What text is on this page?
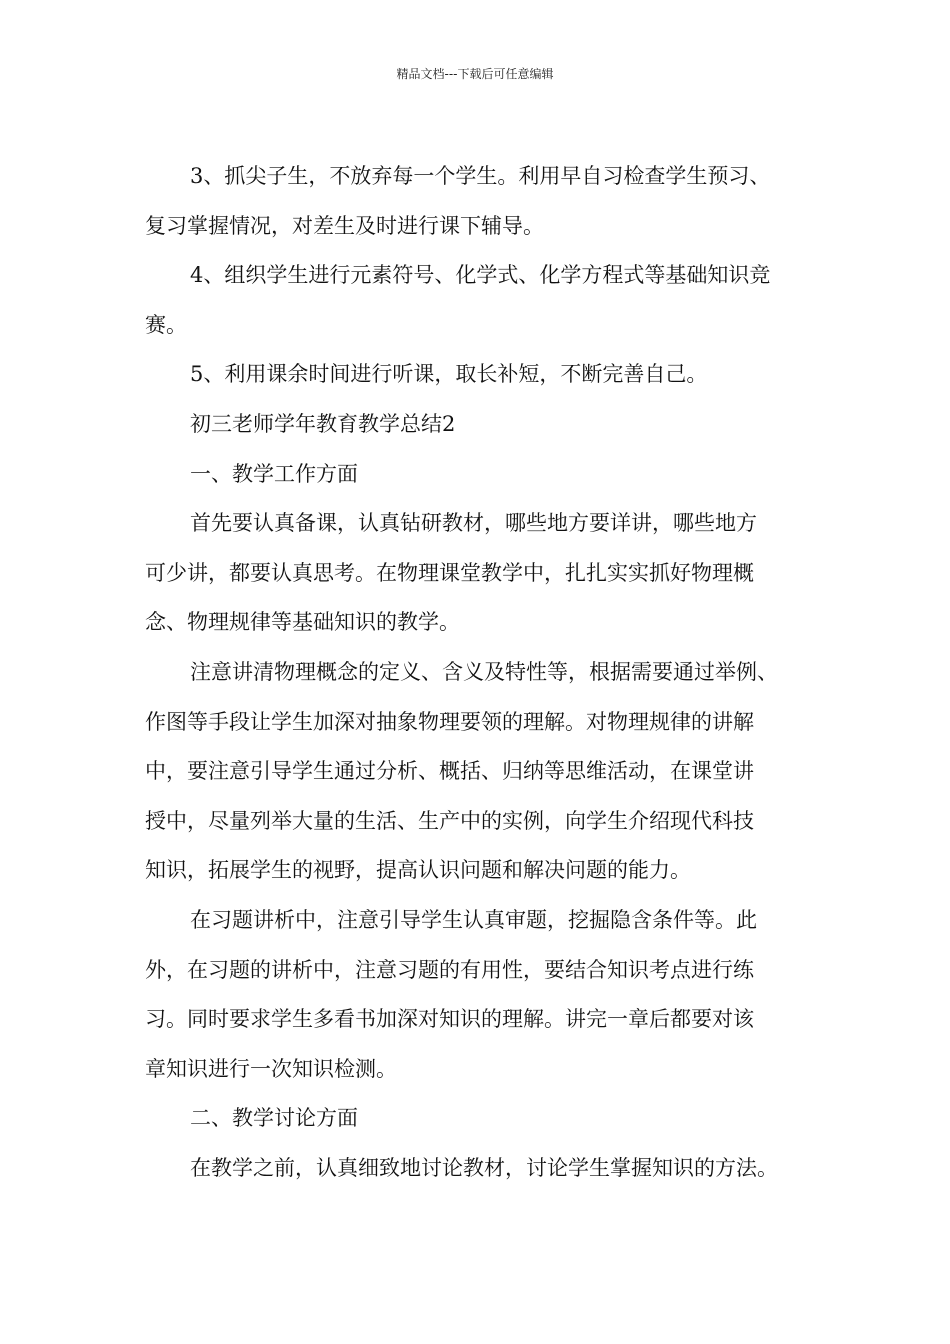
精品文档---下载后可任意编辑
3、抓尖子生，不放弃每一个学生。利用早自习检查学生预习、
复习掌握情况，对差生及时进行课下辅导。
4、组织学生进行元素符号、化学式、化学方程式等基础知识竞
赛。
5、利用课余时间进行听课，取长补短，不断完善自己。
初三老师学年教育教学总结2
一、教学工作方面
首先要认真备课，认真钻研教材，哪些地方要详讲，哪些地方
可少讲，都要认真思考。在物理课堂教学中，扎扎实实抓好物理概
念、物理规律等基础知识的教学。
注意讲清物理概念的定义、含义及特性等，根据需要通过举例、
作图等手段让学生加深对抽象物理要领的理解。对物理规律的讲解
中，要注意引导学生通过分析、概括、归纳等思维活动，在课堂讲
授中，尽量列举大量的生活、生产中的实例，向学生介绍现代科技
知识，拓展学生的视野，提高认识问题和解决问题的能力。
在习题讲析中，注意引导学生认真审题，挖掘隐含条件等。此
外，在习题的讲析中，注意习题的有用性，要结合知识考点进行练
习。同时要求学生多看书加深对知识的理解。讲完一章后都要对该
章知识进行一次知识检测。
二、教学讨论方面
在教学之前，认真细致地讨论教材，讨论学生掌握知识的方法。
